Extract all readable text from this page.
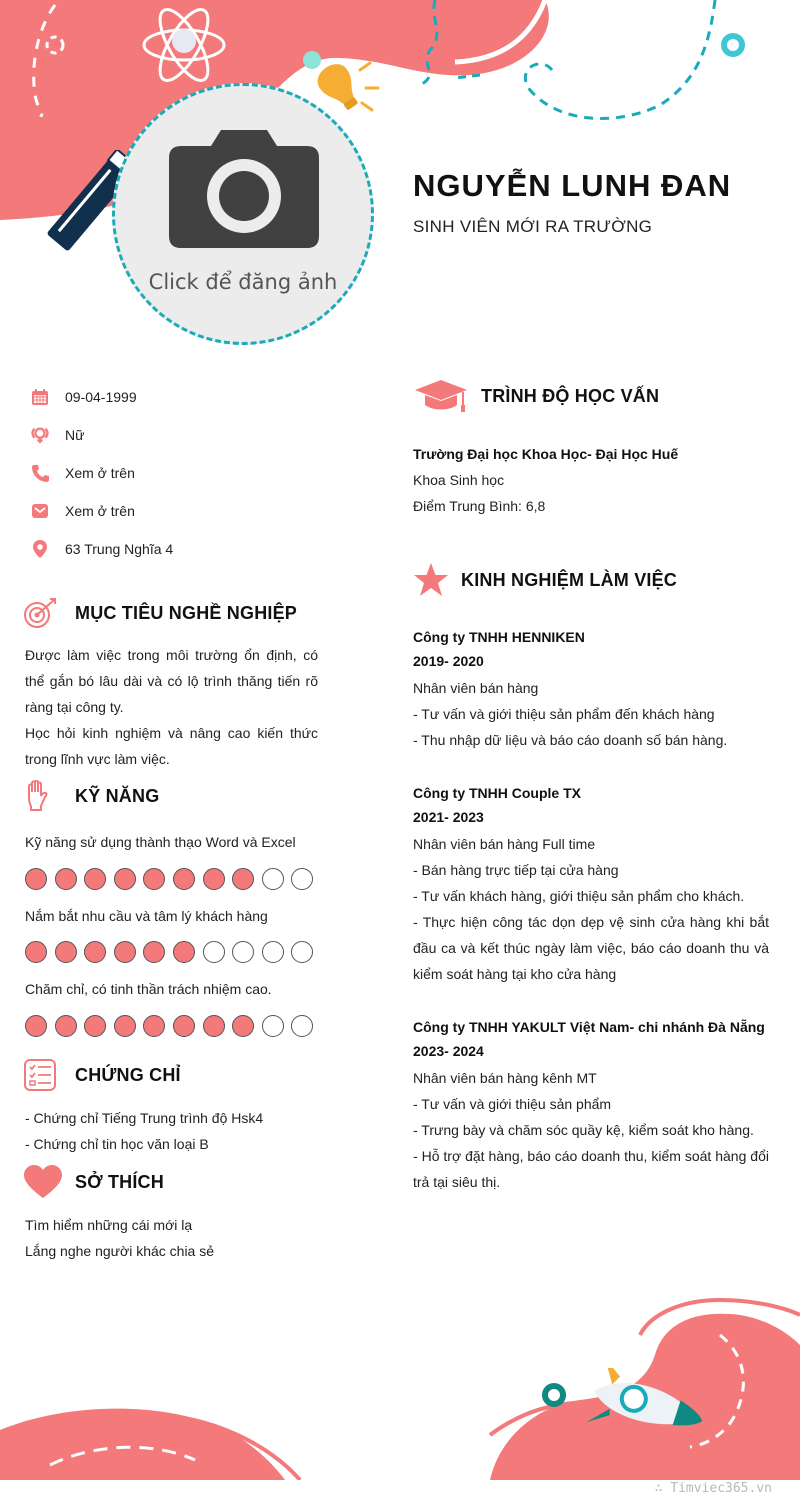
Click để đăng ảnh
NGUYỄN LUNH ĐAN
SINH VIÊN MỚI RA TRƯỜNG
09-04-1999
Nữ
Xem ở trên
Xem ở trên
63 Trung Nghĩa 4
MỤC TIÊU NGHỀ NGHIỆP
Được làm việc trong môi trường ổn định, có thể gắn bó lâu dài và có lộ trình thăng tiến rõ ràng tại công ty.
Học hỏi kinh nghiệm và nâng cao kiến thức trong lĩnh vực làm việc.
KỸ NĂNG
Kỹ năng sử dụng thành thạo Word và Excel
Nắm bắt nhu cầu và tâm lý khách hàng
Chăm chỉ, có tinh thần trách nhiệm cao.
CHỨNG CHỈ
- Chứng chỉ Tiếng Trung trình độ Hsk4
- Chứng chỉ tin học văn loại B
SỞ THÍCH
Tìm hiểm những cái mới lạ
Lắng nghe người khác chia sẻ
TRÌNH ĐỘ HỌC VẤN
Trường Đại học Khoa Học- Đại Học Huế
Khoa Sinh học
Điểm Trung Bình: 6,8
KINH NGHIỆM LÀM VIỆC
Công ty TNHH HENNIKEN
2019- 2020
Nhân viên bán hàng
- Tư vấn và giới thiệu sản phẩm đến khách hàng
- Thu nhập dữ liệu và báo cáo doanh số bán hàng.
Công ty TNHH Couple TX
2021- 2023
Nhân viên bán hàng Full time
- Bán hàng trực tiếp tại cửa hàng
- Tư vấn khách hàng, giới thiệu sản phẩm cho khách.
- Thực hiện công tác dọn dẹp vệ sinh cửa hàng khi bắt đầu ca và kết thúc ngày làm việc, báo cáo doanh thu và kiểm soát hàng tại kho cửa hàng
Công ty TNHH YAKULT Việt Nam- chi nhánh Đà Nẵng
2023- 2024
Nhân viên bán hàng kênh MT
- Tư vấn và giới thiệu sản phẩm
- Trưng bày và chăm sóc quầy kệ, kiểm soát kho hàng.
- Hỗ trợ đặt hàng, báo cáo doanh thu, kiểm soát hàng đổi trả tại siêu thị.
∴ Timviec365.vn
